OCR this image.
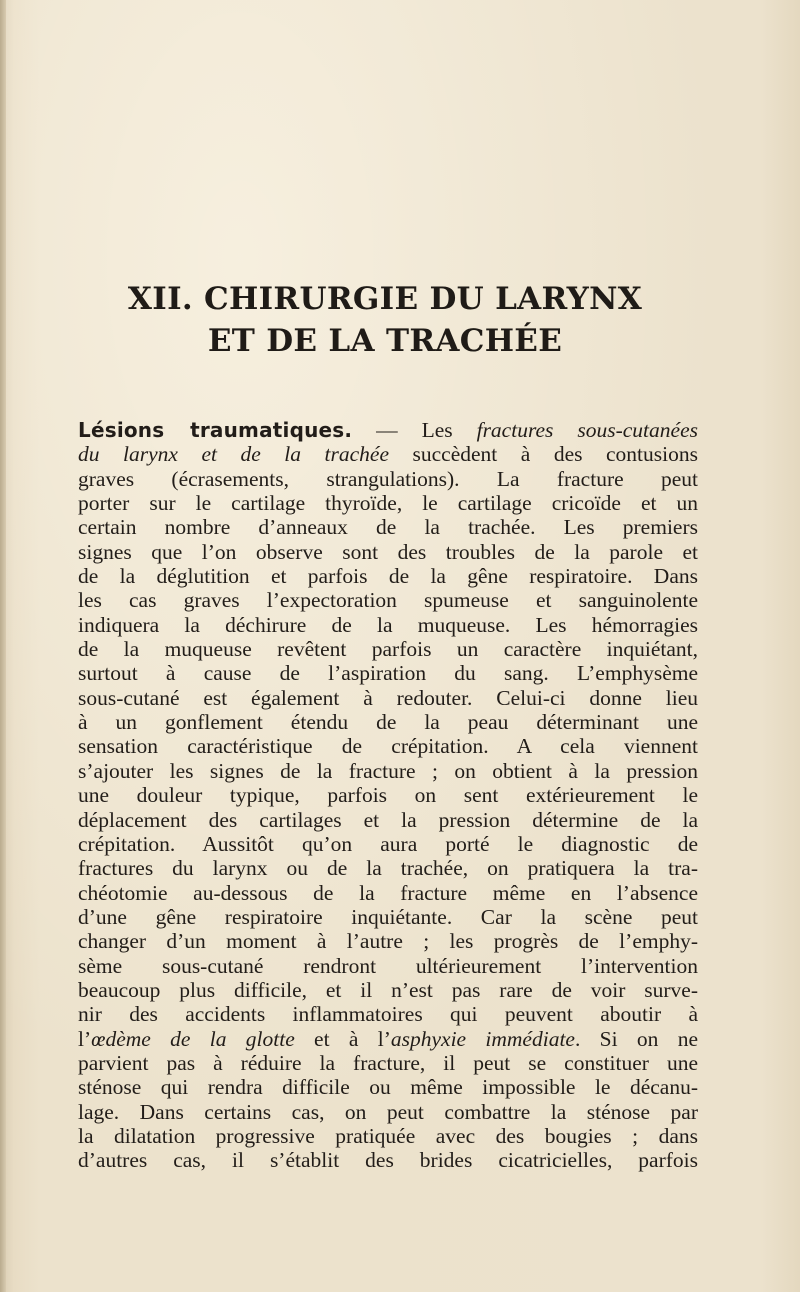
XII. CHIRURGIE DU LARYNX
ET DE LA TRACHÉE
Lésions traumatiques. — Les fractures sous-cutanées
du larynx et de la trachée succèdent à des contusions
graves (écrasements, strangulations). La fracture peut
porter sur le cartilage thyroïde, le cartilage cricoïde et un
certain nombre d’anneaux de la trachée. Les premiers
signes que l’on observe sont des troubles de la parole et
de la déglutition et parfois de la gêne respiratoire. Dans
les cas graves l’expectoration spumeuse et sanguinolente
indiquera la déchirure de la muqueuse. Les hémorragies
de la muqueuse revêtent parfois un caractère inquiétant,
surtout à cause de l’aspiration du sang. L’emphysème
sous-cutané est également à redouter. Celui-ci donne lieu
à un gonflement étendu de la peau déterminant une
sensation caractéristique de crépitation. A cela viennent
s’ajouter les signes de la fracture ; on obtient à la pression
une douleur typique, parfois on sent extérieurement le
déplacement des cartilages et la pression détermine de la
crépitation. Aussitôt qu’on aura porté le diagnostic de
fractures du larynx ou de la trachée, on pratiquera la tra-
chéotomie au-dessous de la fracture même en l’absence
d’une gêne respiratoire inquiétante. Car la scène peut
changer d’un moment à l’autre ; les progrès de l’emphy-
sème sous-cutané rendront ultérieurement l’intervention
beaucoup plus difficile, et il n’est pas rare de voir surve-
nir des accidents inflammatoires qui peuvent aboutir à
l’œdème de la glotte et à l’asphyxie immédiate. Si on ne
parvient pas à réduire la fracture, il peut se constituer une
sténose qui rendra difficile ou même impossible le décanu-
lage. Dans certains cas, on peut combattre la sténose par
la dilatation progressive pratiquée avec des bougies ; dans
d’autres cas, il s’établit des brides cicatricielles, parfois
